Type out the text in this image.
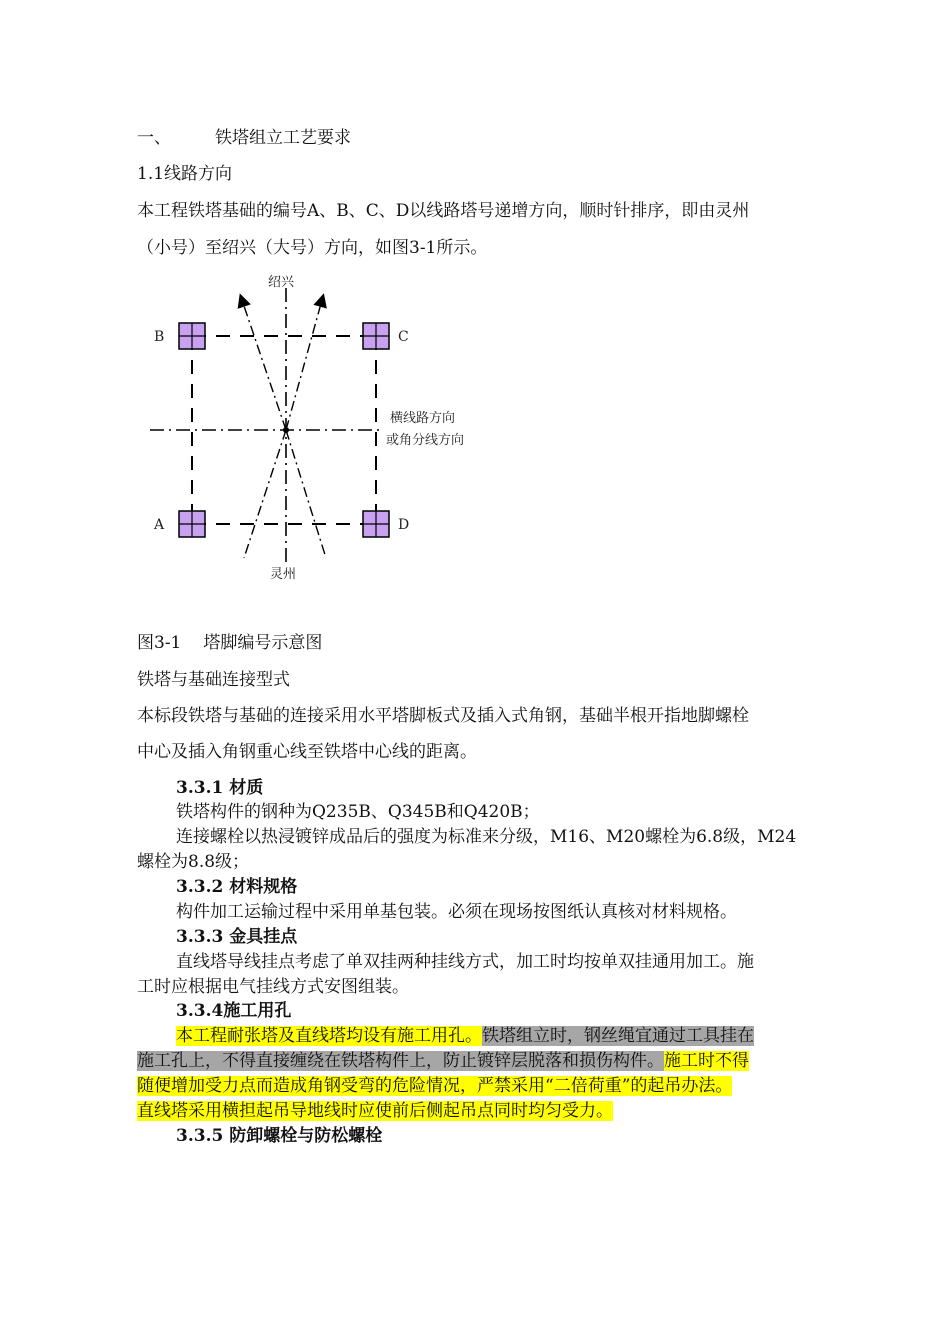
一、	铁塔组立工艺要求
1.1线路方向
本工程铁塔基础的编号A、B、C、D以线路塔号递增方向，顺时针排序，即由灵州
（小号）至绍兴（大号）方向，如图3-1所示。
B	C
A	D
绍兴
灵州
横线路方向
或角分线方向
图3-1 塔脚编号示意图
铁塔与基础连接型式
本标段铁塔与基础的连接采用水平塔脚板式及插入式角钢，基础半根开指地脚螺栓
中心及插入角钢重心线至铁塔中心线的距离。
3.3.1 材质
铁塔构件的钢种为Q235B、Q345B和Q420B；
连接螺栓以热浸镀锌成品后的强度为标准来分级，M16、M20螺栓为6.8级，M24
螺栓为8.8级；
3.3.2 材料规格
构件加工运输过程中采用单基包装。必须在现场按图纸认真核对材料规格。
3.3.3 金具挂点
直线塔导线挂点考虑了单双挂两种挂线方式，加工时均按单双挂通用加工。施
工时应根据电气挂线方式安图组装。
3.3.4施工用孔
本工程耐张塔及直线塔均设有施工用孔。铁塔组立时，钢丝绳宜通过工具挂在
施工孔上，不得直接缠绕在铁塔构件上，防止镀锌层脱落和损伤构件。施工时不得
随便增加受力点而造成角钢受弯的危险情况，严禁采用“二倍荷重”的起吊办法。
直线塔采用横担起吊导地线时应使前后侧起吊点同时均匀受力。
3.3.5 防卸螺栓与防松螺栓
